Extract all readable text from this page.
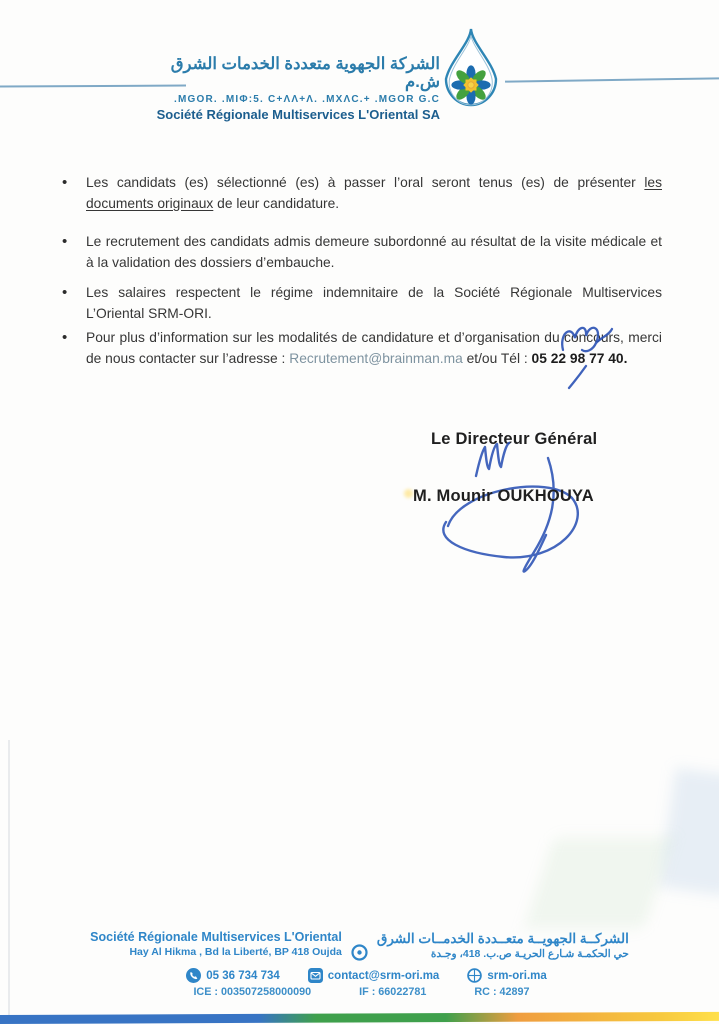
الشركة الجهوية متعددة الخدمات الشرق ش.م
.MGOR. .MIΦ:5. C+ΛΛ+Λ. .MXΛC.+ .MGOR G.C
Société Régionale Multiservices L'Oriental SA
• Les candidats (es) sélectionné (es) à passer l’oral seront tenus (es) de présenter les documents originaux de leur candidature.
• Le recrutement des candidats admis demeure subordonné au résultat de la visite médicale et à la validation des dossiers d’embauche.
• Les salaires respectent le régime indemnitaire de la Société Régionale Multiservices L’Oriental SRM-ORI.
• Pour plus d’information sur les modalités de candidature et d’organisation du concours, merci de nous contacter sur l’adresse : Recrutement@brainman.ma et/ou Tél : 05 22 98 77 40.
Le Directeur Général
M. Mounir OUKHOUYA
Société Régionale Multiservices L'Oriental
Hay Al Hikma , Bd la Liberté, BP 418 Oujda
الشركــة الجهويــة متعــددة الخدمــات الشرق
حي الحكمـة شـارع الحريـة ص.ب. 418، وجـدة
05 36 734 734	contact@srm-ori.ma	srm-ori.ma
ICE : 003507258000090	IF : 66022781	RC : 42897
